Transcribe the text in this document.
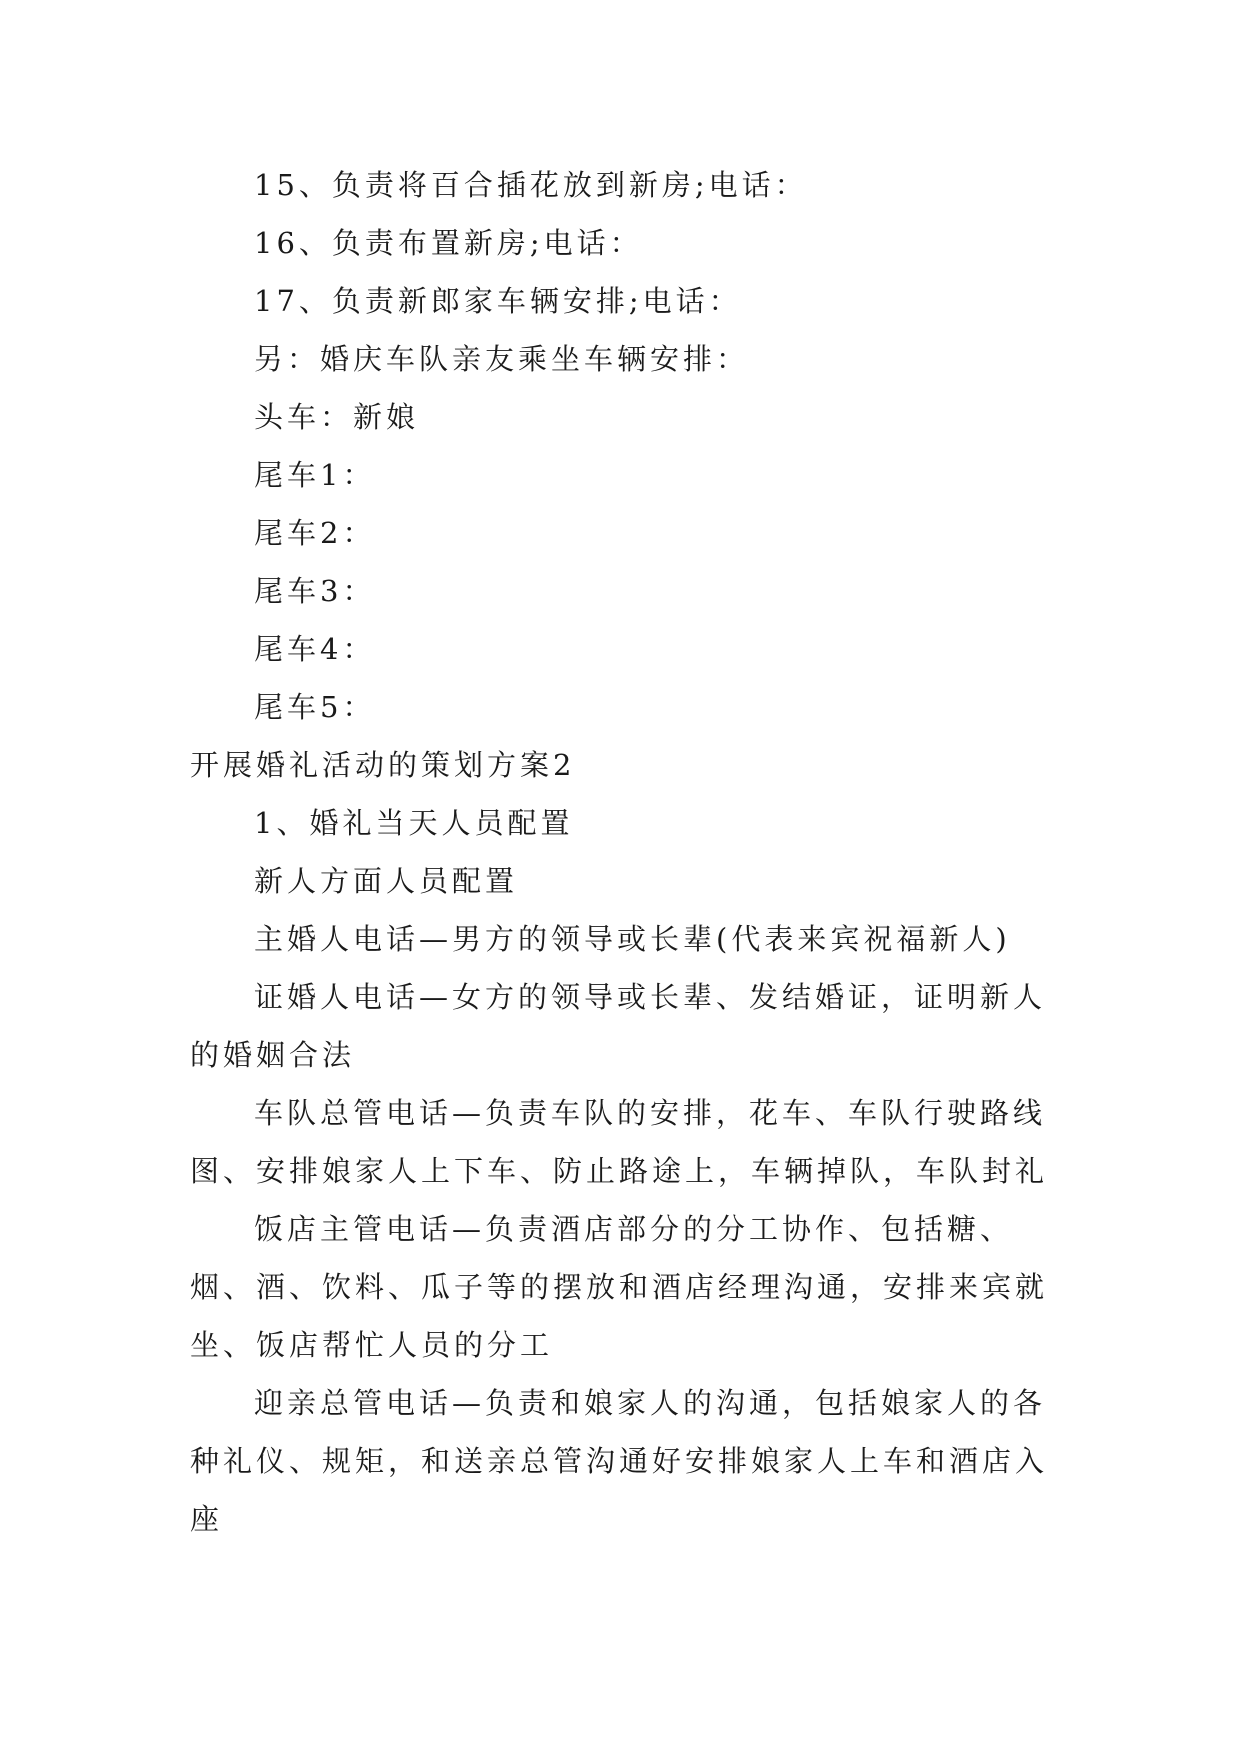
15、负责将百合插花放到新房;电话：

16、负责布置新房;电话：

17、负责新郎家车辆安排;电话：

另：婚庆车队亲友乘坐车辆安排：

头车：新娘

尾车1：

尾车2：

尾车3：

尾车4：

尾车5：

开展婚礼活动的策划方案2

1、婚礼当天人员配置

新人方面人员配置

主婚人电话—男方的领导或长辈(代表来宾祝福新人)

证婚人电话—女方的领导或长辈、发结婚证，证明新人的婚姻合法

车队总管电话—负责车队的安排，花车、车队行驶路线图、安排娘家人上下车、防止路途上，车辆掉队，车队封礼

饭店主管电话—负责酒店部分的分工协作、包括糖、烟、酒、饮料、瓜子等的摆放和酒店经理沟通，安排来宾就坐、饭店帮忙人员的分工

迎亲总管电话—负责和娘家人的沟通，包括娘家人的各种礼仪、规矩，和送亲总管沟通好安排娘家人上车和酒店入座
